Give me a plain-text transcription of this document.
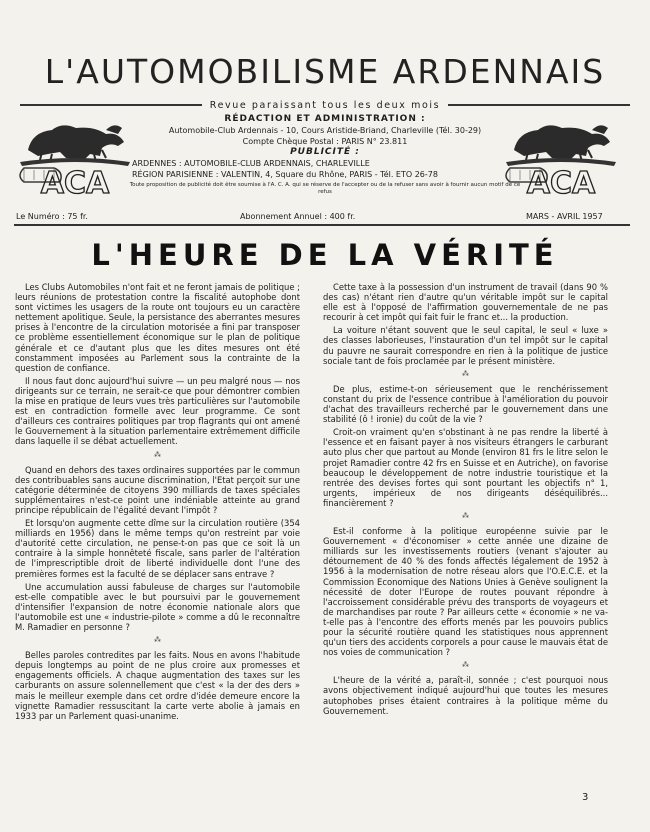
L'AUTOMOBILISME ARDENNAIS
Revue paraissant tous les deux mois
ACA	ACA
RÉDACTION ET ADMINISTRATION :
Automobile-Club Ardennais - 10, Cours Aristide-Briand, Charleville (Tél. 30-29)
Compte Chèque Postal : PARIS N° 23.811
PUBLICITÉ :
ARDENNES : AUTOMOBILE-CLUB ARDENNAIS, CHARLEVILLE
RÉGION PARISIENNE : VALENTIN, 4, Square du Rhône, PARIS - Tél. ETO 26-78
Toute proposition de publicité doit être soumise à l'A. C. A. qui se réserve de l'accepter ou de la refuser sans avoir à fournir aucun motif de ce refus
Le Numéro : 75 fr.	Abonnement Annuel : 400 fr.	MARS - AVRIL 1957
L'HEURE DE LA VÉRITÉ

Les Clubs Automobiles n'ont fait et ne feront jamais de politique ; leurs réunions de protestation contre la fiscalité autophobe dont sont victimes les usagers de la route ont toujours eu un caractère nettement apolitique. Seule, la persistance des aberrantes mesures prises à l'encontre de la circulation motorisée a fini par transposer ce problème essentiellement économique sur le plan de politique générale et ce d'autant plus que les dites mesures ont été constamment imposées au Parlement sous la contrainte de la question de confiance.

Il nous faut donc aujourd'hui suivre — un peu malgré nous — nos dirigeants sur ce terrain, ne serait-ce que pour démontrer combien la mise en pratique de leurs vues très particulières sur l'automobile est en contradiction formelle avec leur programme. Ce sont d'ailleurs ces contraires politiques par trop flagrants qui ont amené le Gouvernement à la situation parlementaire extrêmement difficile dans laquelle il se débat actuellement.

⁂

Quand en dehors des taxes ordinaires supportées par le commun des contribuables sans aucune discrimination, l'Etat perçoit sur une catégorie déterminée de citoyens 390 milliards de taxes spéciales supplémentaires n'est-ce point une indéniable atteinte au grand principe républicain de l'égalité devant l'impôt ?

Et lorsqu'on augmente cette dîme sur la circulation routière (354 milliards en 1956) dans le même temps qu'on restreint par voie d'autorité cette circulation, ne pense-t-on pas que ce soit là un contraire à la simple honnêteté fiscale, sans parler de l'altération de l'imprescriptible droit de liberté individuelle dont l'une des premières formes est la faculté de se déplacer sans entrave ?

Une accumulation aussi fabuleuse de charges sur l'automobile est-elle compatible avec le but poursuivi par le gouvernement d'intensifier l'expansion de notre économie nationale alors que l'automobile est une « industrie-pilote » comme a dû le reconnaître M. Ramadier en personne ?

⁂

Belles paroles contredites par les faits. Nous en avons l'habitude depuis longtemps au point de ne plus croire aux promesses et engagements officiels. A chaque augmentation des taxes sur les carburants on assure solennellement que c'est « la der des ders » mais le meilleur exemple dans cet ordre d'idée demeure encore la vignette Ramadier ressuscitant la carte verte abolie à jamais en 1933 par un Parlement quasi-unanime.

Cette taxe à la possession d'un instrument de travail (dans 90 % des cas) n'étant rien d'autre qu'un véritable impôt sur le capital elle est à l'opposé de l'affirmation gouvernementale de ne pas recourir à cet impôt qui fait fuir le franc et... la production.

La voiture n'étant souvent que le seul capital, le seul « luxe » des classes laborieuses, l'instauration d'un tel impôt sur le capital du pauvre ne saurait correspondre en rien à la politique de justice sociale tant de fois proclamée par le présent ministère.

⁂

De plus, estime-t-on sérieusement que le renchérissement constant du prix de l'essence contribue à l'amélioration du pouvoir d'achat des travailleurs recherché par le gouvernement dans une stabilité (ô ! ironie) du coût de la vie ?

Croit-on vraiment qu'en s'obstinant à ne pas rendre la liberté à l'essence et en faisant payer à nos visiteurs étrangers le carburant auto plus cher que partout au Monde (environ 81 frs le litre selon le projet Ramadier contre 42 frs en Suisse et en Autriche), on favorise beaucoup le développement de notre industrie touristique et la rentrée des devises fortes qui sont pourtant les objectifs n° 1, urgents, impérieux de nos dirigeants déséquilibrés... financièrement ?

⁂

Est-il conforme à la politique européenne suivie par le Gouvernement « d'économiser » cette année une dizaine de milliards sur les investissements routiers (venant s'ajouter au détournement de 40 % des fonds affectés légalement de 1952 à 1956 à la modernisation de notre réseau alors que l'O.E.C.E. et la Commission Economique des Nations Unies à Genève soulignent la nécessité de doter l'Europe de routes pouvant répondre à l'accroissement considérable prévu des transports de voyageurs et de marchandises par route ? Par ailleurs cette « économie » ne va-t-elle pas à l'encontre des efforts menés par les pouvoirs publics pour la sécurité routière quand les statistiques nous apprennent qu'un tiers des accidents corporels a pour cause le mauvais état de nos voies de communication ?

⁂

L'heure de la vérité a, paraît-il, sonnée ; c'est pourquoi nous avons objectivement indiqué aujourd'hui que toutes les mesures autophobes prises étaient contraires à la politique même du Gouvernement.

3
